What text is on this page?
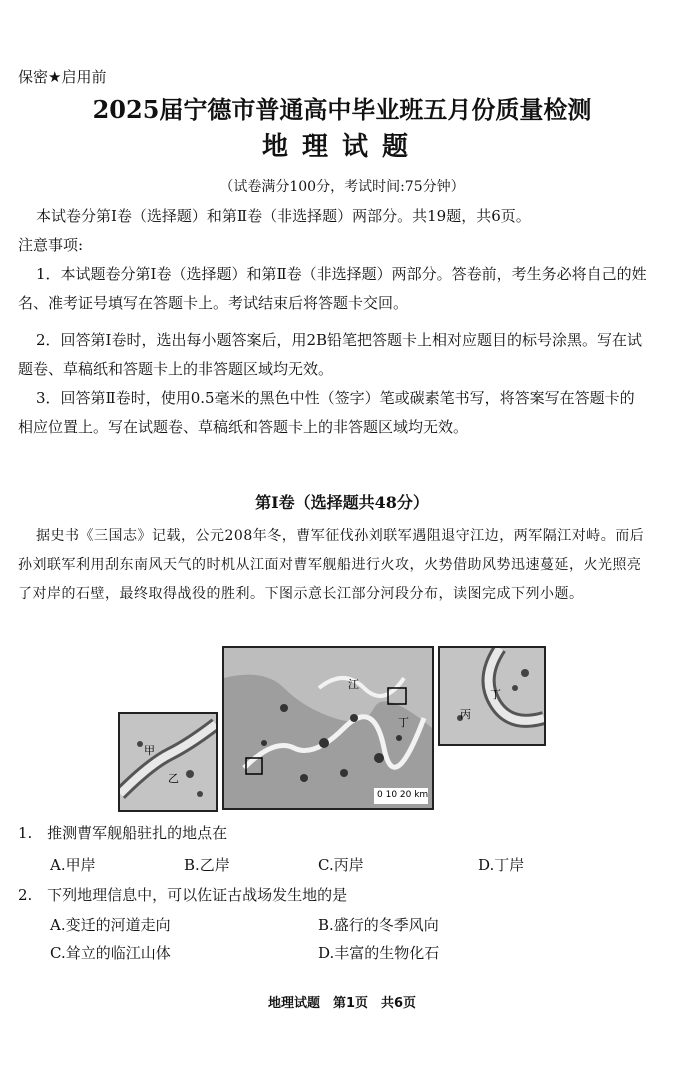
保密★启用前
2025届宁德市普通高中毕业班五月份质量检测
地理试题
（试卷满分100分，考试时间:75分钟）
本试卷分第Ⅰ卷（选择题）和第Ⅱ卷（非选择题）两部分。共19题，共6页。
注意事项:
1．本试题卷分第Ⅰ卷（选择题）和第Ⅱ卷（非选择题）两部分。答卷前，考生务必将自己的姓名、准考证号填写在答题卡上。考试结束后将答题卡交回。
2．回答第Ⅰ卷时，选出每小题答案后，用2B铅笔把答题卡上相对应题目的标号涂黑。写在试题卷、草稿纸和答题卡上的非答题区域均无效。
3．回答第Ⅱ卷时，使用0.5毫米的黑色中性（签字）笔或碳素笔书写，将答案写在答题卡的相应位置上。写在试题卷、草稿纸和答题卡上的非答题区域均无效。
第Ⅰ卷（选择题共48分）
据史书《三国志》记载，公元208年冬，曹军征伐孙刘联军遇阻退守江边，两军隔江对峙。而后孙刘联军利用刮东南风天气的时机从江面对曹军舰船进行火攻，火势借助风势迅速蔓延，火光照亮了对岸的石壁，最终取得战役的胜利。下图示意长江部分河段分布，读图完成下列小题。
江
丁
0 10 20 km
甲
乙
丁
丙
1. 推测曹军舰船驻扎的地点在
A.甲岸	B.乙岸	C.丙岸	D.丁岸
2. 下列地理信息中，可以佐证古战场发生地的是
A.变迁的河道走向	B.盛行的冬季风向
C.耸立的临江山体	D.丰富的生物化石
地理试题　第1页　共6页
